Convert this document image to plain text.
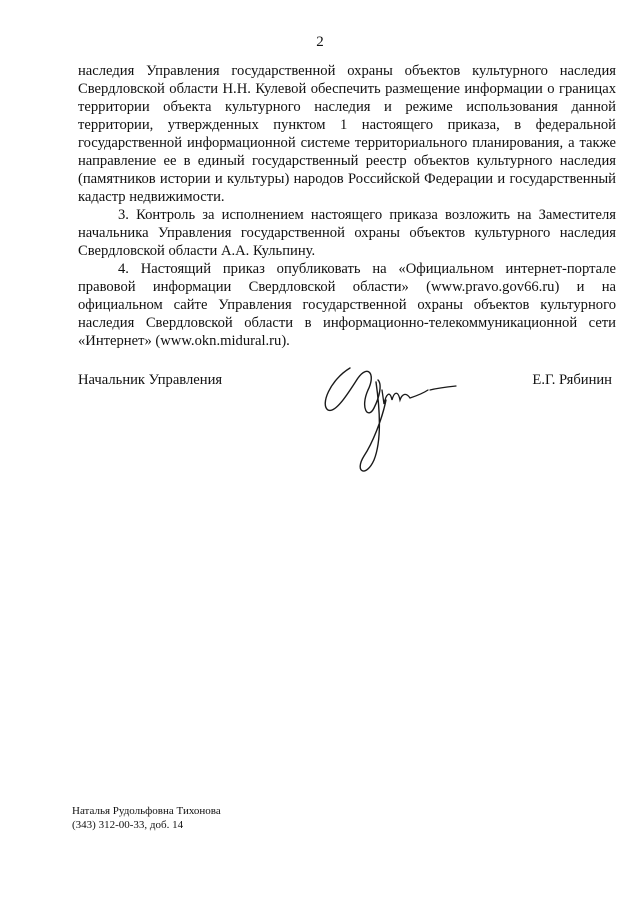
2

наследия Управления государственной охраны объектов культурного наследия Свердловской области Н.Н. Кулевой обеспечить размещение информации о границах территории объекта культурного наследия и режиме использования данной территории, утвержденных пунктом 1 настоящего приказа, в федеральной государственной информационной системе территориального планирования, а также направление ее в единый государственный реестр объектов культурного наследия (памятников истории и культуры) народов Российской Федерации и государственный кадастр недвижимости.

3. Контроль за исполнением настоящего приказа возложить на Заместителя начальника Управления государственной охраны объектов культурного наследия Свердловской области А.А. Кульпину.

4. Настоящий приказ опубликовать на «Официальном интернет-портале правовой информации Свердловской области» (www.pravo.gov66.ru) и на официальном сайте Управления государственной охраны объектов культурного наследия Свердловской области в информационно-телекоммуникационной сети «Интернет» (www.okn.midural.ru).

Начальник Управления	Е.Г. Рябинин
Наталья Рудольфовна Тихонова
(343) 312-00-33, доб. 14
